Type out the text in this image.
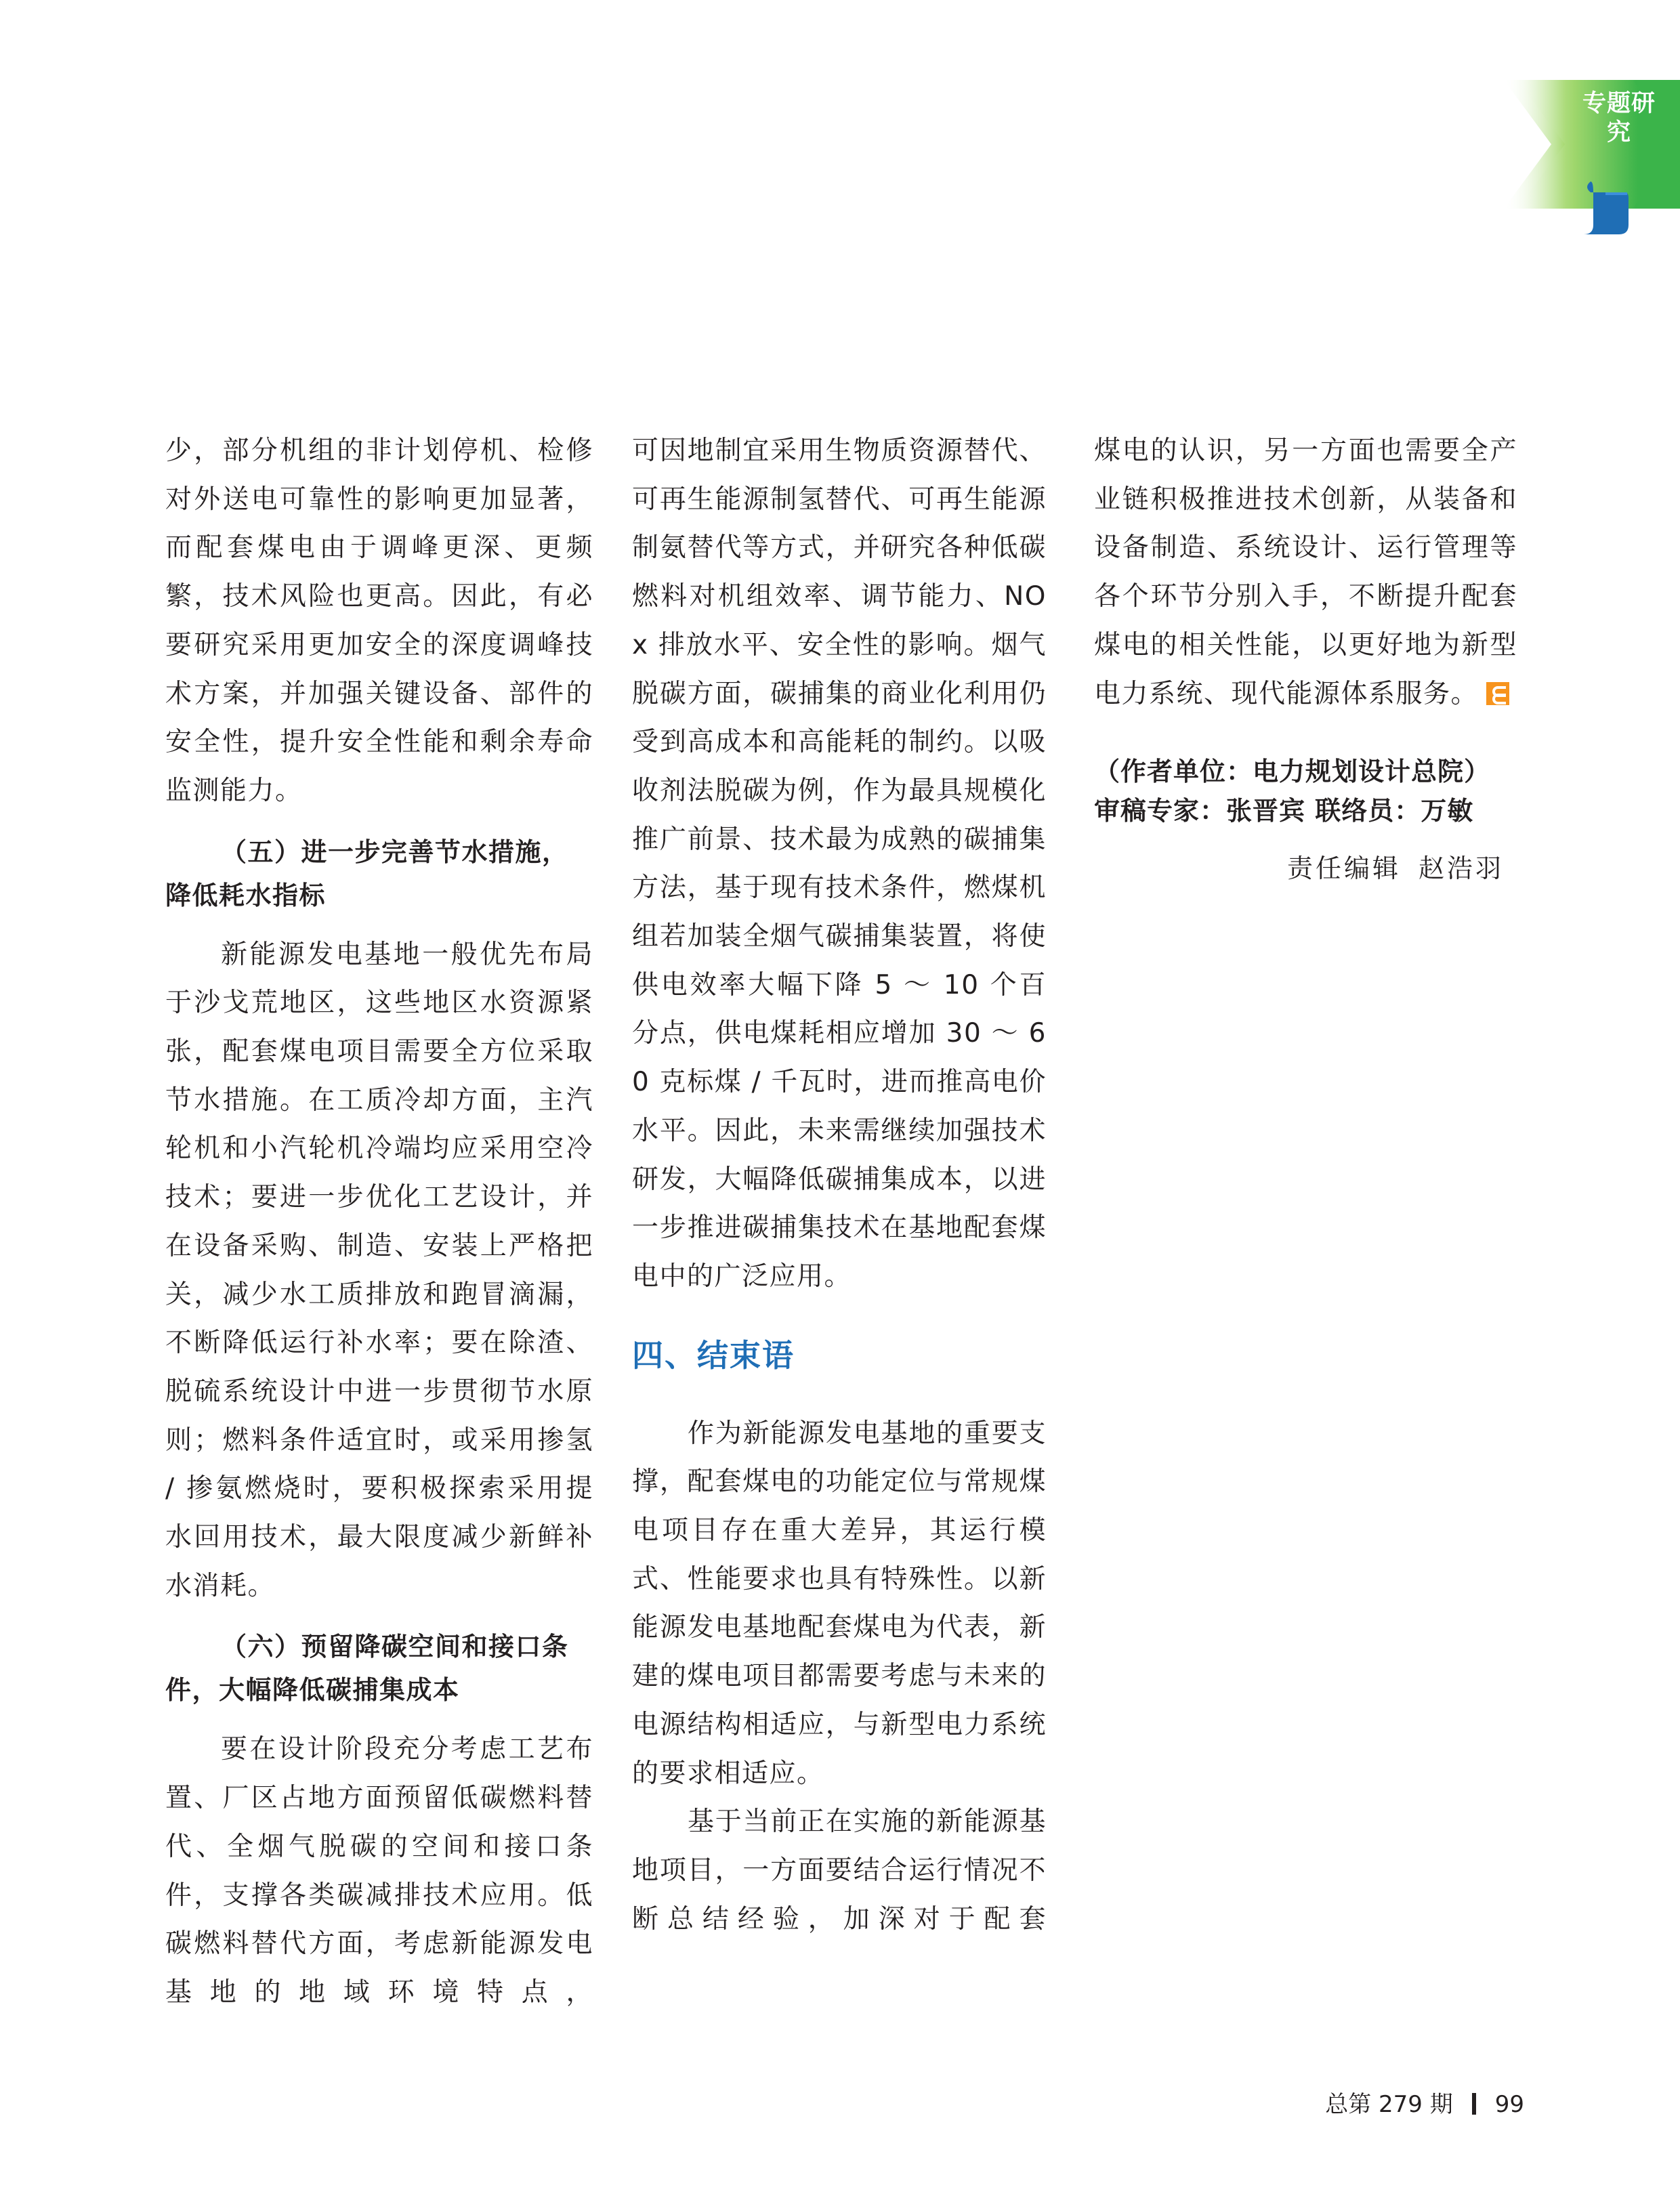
专题研究

少，部分机组的非计划停机、检修对外送电可靠性的影响更加显著，而配套煤电由于调峰更深、更频繁，技术风险也更高。因此，有必要研究采用更加安全的深度调峰技术方案，并加强关键设备、部件的安全性，提升安全性能和剩余寿命监测能力。

（五）进一步完善节水措施，
降低耗水指标

新能源发电基地一般优先布局于沙戈荒地区，这些地区水资源紧张，配套煤电项目需要全方位采取节水措施。在工质冷却方面，主汽轮机和小汽轮机冷端均应采用空冷技术；要进一步优化工艺设计，并在设备采购、制造、安装上严格把关，减少水工质排放和跑冒滴漏，不断降低运行补水率；要在除渣、脱硫系统设计中进一步贯彻节水原则；燃料条件适宜时，或采用掺氢 / 掺氨燃烧时，要积极探索采用提水回用技术，最大限度减少新鲜补水消耗。

（六）预留降碳空间和接口条
件，大幅降低碳捕集成本

要在设计阶段充分考虑工艺布置、厂区占地方面预留低碳燃料替代、全烟气脱碳的空间和接口条件，支撑各类碳减排技术应用。低碳燃料替代方面，考虑新能源发电基地的地域环境特点，

可因地制宜采用生物质资源替代、可再生能源制氢替代、可再生能源制氨替代等方式，并研究各种低碳燃料对机组效率、调节能力、NOx 排放水平、安全性的影响。烟气脱碳方面，碳捕集的商业化利用仍受到高成本和高能耗的制约。以吸收剂法脱碳为例，作为最具规模化推广前景、技术最为成熟的碳捕集方法，基于现有技术条件，燃煤机组若加装全烟气碳捕集装置，将使供电效率大幅下降 5 ～ 10 个百分点，供电煤耗相应增加 30 ～ 60 克标煤 / 千瓦时，进而推高电价水平。因此，未来需继续加强技术研发，大幅降低碳捕集成本，以进一步推进碳捕集技术在基地配套煤电中的广泛应用。

四、结束语

作为新能源发电基地的重要支撑，配套煤电的功能定位与常规煤电项目存在重大差异，其运行模式、性能要求也具有特殊性。以新能源发电基地配套煤电为代表，新建的煤电项目都需要考虑与未来的电源结构相适应，与新型电力系统的要求相适应。

基于当前正在实施的新能源基地项目，一方面要结合运行情况不断总结经验，加深对于配套

煤电的认识，另一方面也需要全产业链积极推进技术创新，从装备和设备制造、系统设计、运行管理等各个环节分别入手，不断提升配套煤电的相关性能，以更好地为新型电力系统、现代能源体系服务。

（作者单位：电力规划设计总院）
审稿专家：张晋宾 联络员：万敏
责任编辑 赵浩羽
总第 279 期 99
